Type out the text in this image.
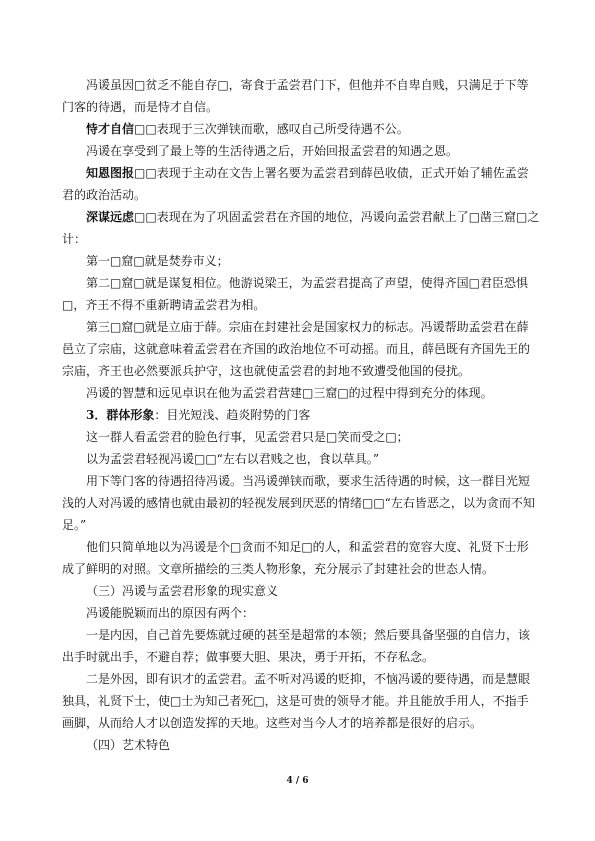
冯谖虽因□贫乏不能自存□，寄食于孟尝君门下，但他并不自卑自贱，只满足于下等门客的待遇，而是恃才自信。

恃才自信□□表现于三次弹铗而歌，感叹自己所受待遇不公。

冯谖在享受到了最上等的生活待遇之后，开始回报孟尝君的知遇之恩。

知恩图报□□表现于主动在文告上署名要为孟尝君到薛邑收债，正式开始了辅佐孟尝君的政治活动。

深谋远虑□□表现在为了巩固孟尝君在齐国的地位，冯谖向孟尝君献上了□凿三窟□之计：

第一□窟□就是焚券市义；

第二□窟□就是谋复相位。他游说梁王，为孟尝君提高了声望，使得齐国□君臣恐惧□，齐王不得不重新聘请孟尝君为相。

第三□窟□就是立庙于薛。宗庙在封建社会是国家权力的标志。冯谖帮助孟尝君在薛邑立了宗庙，这就意味着孟尝君在齐国的政治地位不可动摇。而且，薛邑既有齐国先王的宗庙，齐王也必然要派兵护守，这也就使孟尝君的封地不致遭受他国的侵扰。

冯谖的智慧和远见卓识在他为孟尝君营建□三窟□的过程中得到充分的体现。

3．群体形象：目光短浅、趋炎附势的门客

这一群人看孟尝君的脸色行事，见孟尝君只是□笑而受之□；

以为孟尝君轻视冯谖□□“左右以君贱之也，食以草具。”

用下等门客的待遇招待冯谖。当冯谖弹铗而歌，要求生活待遇的时候，这一群目光短浅的人对冯谖的感情也就由最初的轻视发展到厌恶的情绪□□“左右皆恶之，以为贪而不知足。”

他们只简单地以为冯谖是个□贪而不知足□的人，和孟尝君的宽容大度、礼贤下士形成了鲜明的对照。文章所描绘的三类人物形象，充分展示了封建社会的世态人情。

（三）冯谖与孟尝君形象的现实意义

冯谖能脱颖而出的原因有两个：

一是内因，自己首先要炼就过硬的甚至是超常的本领；然后要具备坚强的自信力，该出手时就出手，不避自荐；做事要大胆、果决，勇于开拓，不存私念。

二是外因，即有识才的孟尝君。孟不听对冯谖的贬抑，不恼冯谖的要待遇，而是慧眼独具，礼贤下士，使□士为知己者死□，这是可贵的领导才能。并且能放手用人，不指手画脚，从而给人才以创造发挥的天地。这些对当今人才的培养都是很好的启示。

（四）艺术特色

4 / 6
